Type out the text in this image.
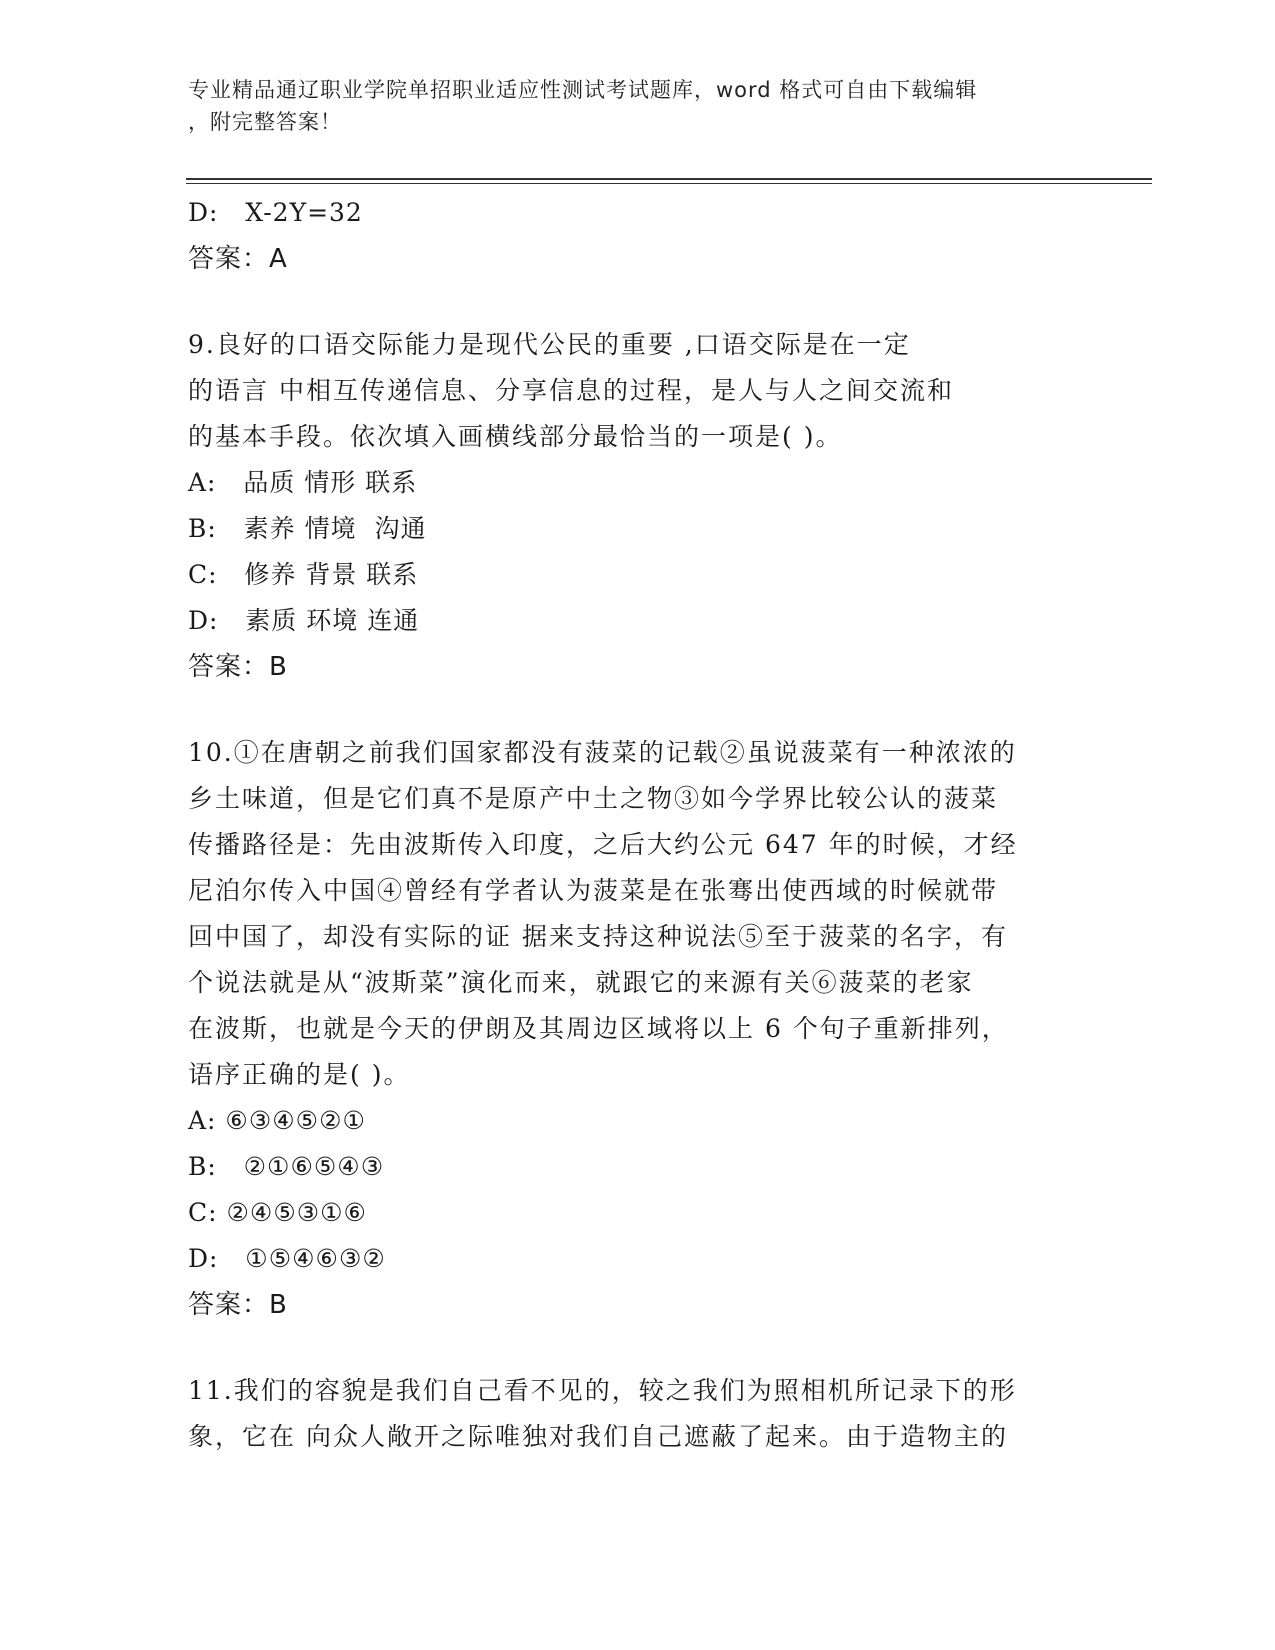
专业精品通辽职业学院单招职业适应性测试考试题库，word 格式可自由下载编辑
，附完整答案！
D:   X-2Y=32
答案：A
9.良好的口语交际能力是现代公民的重要 ,口语交际是在一定
的语言 中相互传递信息、分享信息的过程，是人与人之间交流和
的基本手段。依次填入画横线部分最恰当的一项是( )。
A:   品质 情形 联系
B:   素养 情境  沟通
C:   修养 背景 联系
D:   素质 环境 连通
答案：B
10.①在唐朝之前我们国家都没有菠菜的记载②虽说菠菜有一种浓浓的
乡土味道，但是它们真不是原产中土之物③如今学界比较公认的菠菜
传播路径是：先由波斯传入印度，之后大约公元 647 年的时候，才经
尼泊尔传入中国④曾经有学者认为菠菜是在张骞出使西域的时候就带
回中国了，却没有实际的证 据来支持这种说法⑤至于菠菜的名字，有
个说法就是从“波斯菜”演化而来，就跟它的来源有关⑥菠菜的老家
在波斯，也就是今天的伊朗及其周边区域将以上 6 个句子重新排列，
语序正确的是( )。
A: ⑥③④⑤②①
B:   ②①⑥⑤④③
C: ②④⑤③①⑥
D:   ①⑤④⑥③②
答案：B
11.我们的容貌是我们自己看不见的，较之我们为照相机所记录下的形
象，它在 向众人敞开之际唯独对我们自己遮蔽了起来。由于造物主的
